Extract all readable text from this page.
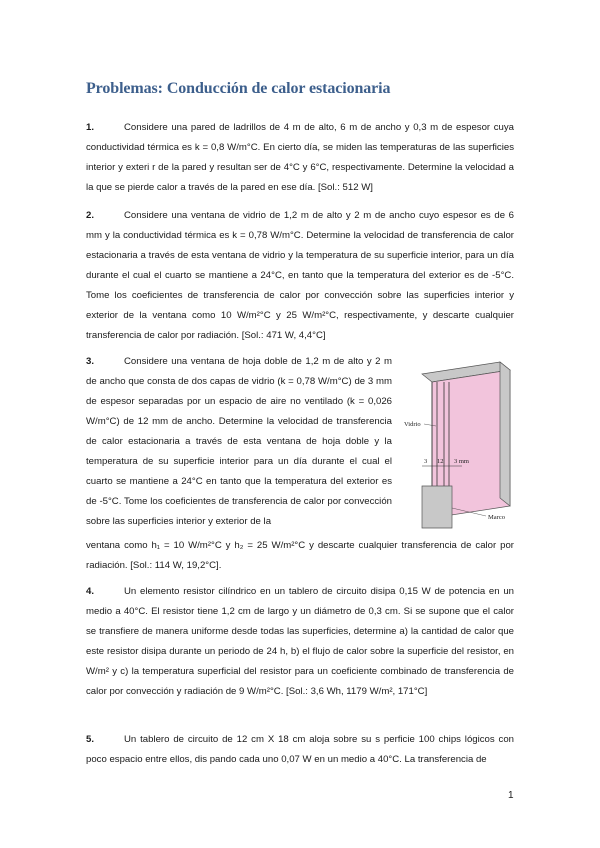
Problemas: Conducción de calor estacionaria

1.	Considere una pared de ladrillos de 4 m de alto, 6 m de ancho y 0,3 m de espesor cuya conductividad térmica es k = 0,8 W/m°C. En cierto día, se miden las temperaturas de las superficies interior y exteri r de la pared y resultan ser de 4°C y 6°C, respectivamente. Determine la velocidad a la que se pierde calor a través de la pared en ese día. [Sol.: 512 W]

2.	Considere una ventana de vidrio de 1,2 m de alto y 2 m de ancho cuyo espesor es de 6 mm y la conductividad térmica es k = 0,78 W/m°C. Determine la velocidad de transferencia de calor estacionaria a través de esta ventana de vidrio y la temperatura de su superficie interior, para un día durante el cual el cuarto se mantiene a 24°C, en tanto que la temperatura del exterior es de -5°C. Tome los coeficientes de transferencia de calor por convección sobre las superficies interior y exterior de la ventana como 10 W/m²°C y 25 W/m²°C, respectivamente, y descarte cualquier transferencia de calor por radiación. [Sol.: 471 W, 4,4°C]

3.	Considere una ventana de hoja doble de 1,2 m de alto y 2 m de ancho que consta de dos capas de vidrio (k = 0,78 W/m°C) de 3 mm de espesor separadas por un espacio de aire no ventilado (k = 0,026 W/m°C) de 12 mm de ancho. Determine la velocidad de transferencia de calor estacionaria a través de esta ventana de hoja doble y la temperatura de su superficie interior para un día durante el cual el cuarto se mantiene a 24°C en tanto que la temperatura del exterior es de -5°C. Tome los coeficientes de transferencia de calor por convección sobre las superficies interior y exterior de la

ventana como h₁ = 10 W/m²°C y h₂ = 25 W/m²°C y descarte cualquier transferencia de calor por radiación. [Sol.: 114 W, 19,2°C].

3 12 3 mm
Vidrio
Marco

4.	Un elemento resistor cilíndrico en un tablero de circuito disipa 0,15 W de potencia en un medio a 40°C. El resistor tiene 1,2 cm de largo y un diámetro de 0,3 cm. Si se supone que el calor se transfiere de manera uniforme desde todas las superficies, determine a) la cantidad de calor que este resistor disipa durante un periodo de 24 h, b) el flujo de calor sobre la superficie del resistor, en W/m² y c) la temperatura superficial del resistor para un coeficiente combinado de transferencia de calor por convección y radiación de 9 W/m²°C. [Sol.: 3,6 Wh, 1179 W/m², 171°C]

5.	Un tablero de circuito de 12 cm X 18 cm aloja sobre su s perficie 100 chips lógicos con poco espacio entre ellos, dis pando cada uno 0,07 W en un medio a 40°C. La transferencia de

1
